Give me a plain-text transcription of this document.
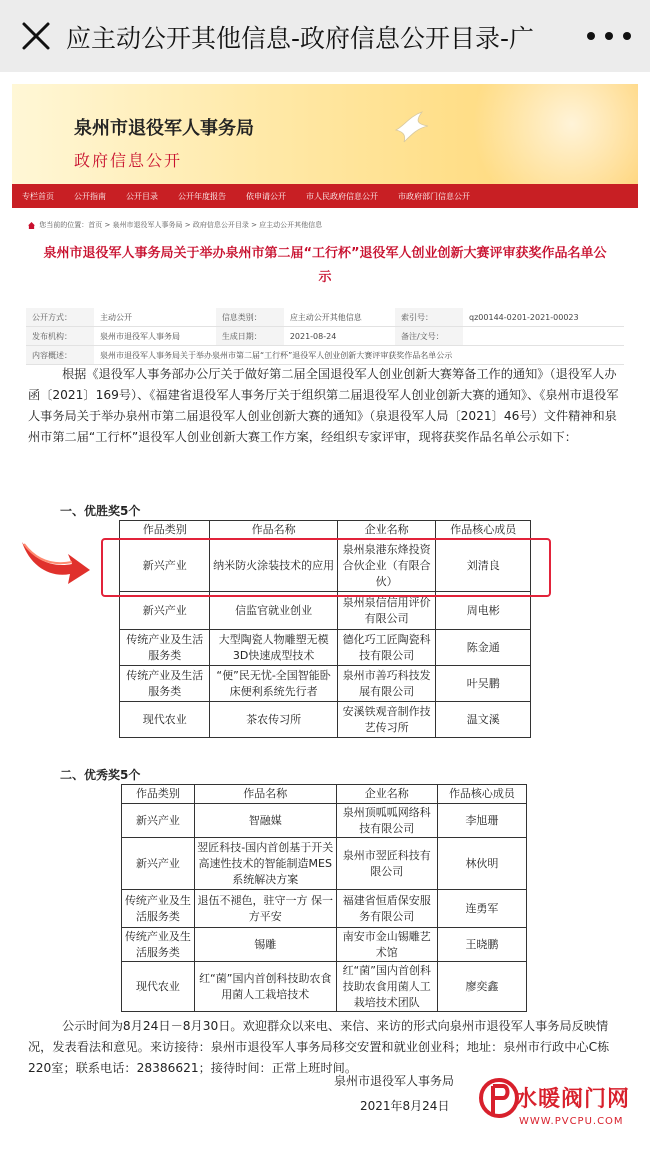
应主动公开其他信息-政府信息公开目录-广
泉州市退役军人事务局
政府信息公开
专栏首页	公开指南	公开目录	公开年度报告	依申请公开	市人民政府信息公开	市政府部门信息公开
您当前的位置：首页 > 泉州市退役军人事务局 > 政府信息公开目录 > 应主动公开其他信息
泉州市退役军人事务局关于举办泉州市第二届“工行杯”退役军人创业创新大赛评审获奖作品名单公示
公开方式：	主动公开	信息类别：	应主动公开其他信息	索引号：	qz00144-0201-2021-00023
发布机构：	泉州市退役军人事务局	生成日期：	2021-08-24	备注/文号：	
内容概述：	泉州市退役军人事务局关于举办泉州市第二届“工行杯”退役军人创业创新大赛评审获奖作品名单公示				
根据《退役军人事务部办公厅关于做好第二届全国退役军人创业创新大赛筹备工作的通知》（退役军人办函〔2021〕169号）、《福建省退役军人事务厅关于组织第二届退役军人创业创新大赛的通知》、《泉州市退役军人事务局关于举办泉州市第二届退役军人创业创新大赛的通知》（泉退役军人局〔2021〕46号）文件精神和泉州市第二届“工行杯”退役军人创业创新大赛工作方案，经组织专家评审，现将获奖作品名单公示如下：
一、优胜奖5个
作品类别	作品名称	企业名称	作品核心成员
新兴产业	纳米防火涂装技术的应用	泉州泉港东烽投资合伙企业（有限合伙）	刘清良
新兴产业	信监官就业创业	泉州泉信信用评价有限公司	周电彬
传统产业及生活服务类	大型陶瓷人物雕塑无模3D快速成型技术	德化巧工匠陶瓷科技有限公司	陈金通
传统产业及生活服务类	“便”民无忧-全国智能卧床便利系统先行者	泉州市善巧科技发展有限公司	叶吴鹏
现代农业	茶农传习所	安溪铁观音制作技艺传习所	温文溪
二、优秀奖5个
作品类别	作品名称	企业名称	作品核心成员
新兴产业	智融媒	泉州顶呱呱网络科技有限公司	李旭珊
新兴产业	翌匠科技-国内首创基于开关高速性技术的智能制造MES系统解决方案	泉州市翌匠科技有限公司	林伙明
传统产业及生活服务类	退伍不褪色，驻守一方 保一方平安	福建省恒盾保安服务有限公司	连勇军
传统产业及生活服务类	锡雕	南安市金山锡雕艺术馆	王晓鹏
现代农业	红“菌”国内首创科技助农食用菌人工栽培技术	红“菌”国内首创科技助农食用菌人工栽培技术团队	廖奕鑫
公示时间为8月24日－8月30日。欢迎群众以来电、来信、来访的形式向泉州市退役军人事务局反映情况，发表看法和意见。来访接待：泉州市退役军人事务局移交安置和就业创业科；地址：泉州市行政中心C栋220室；联系电话：28386621；接待时间：正常上班时间。
泉州市退役军人事务局
2021年8月24日	水暖阀门网
WWW.PVCPU.COM
